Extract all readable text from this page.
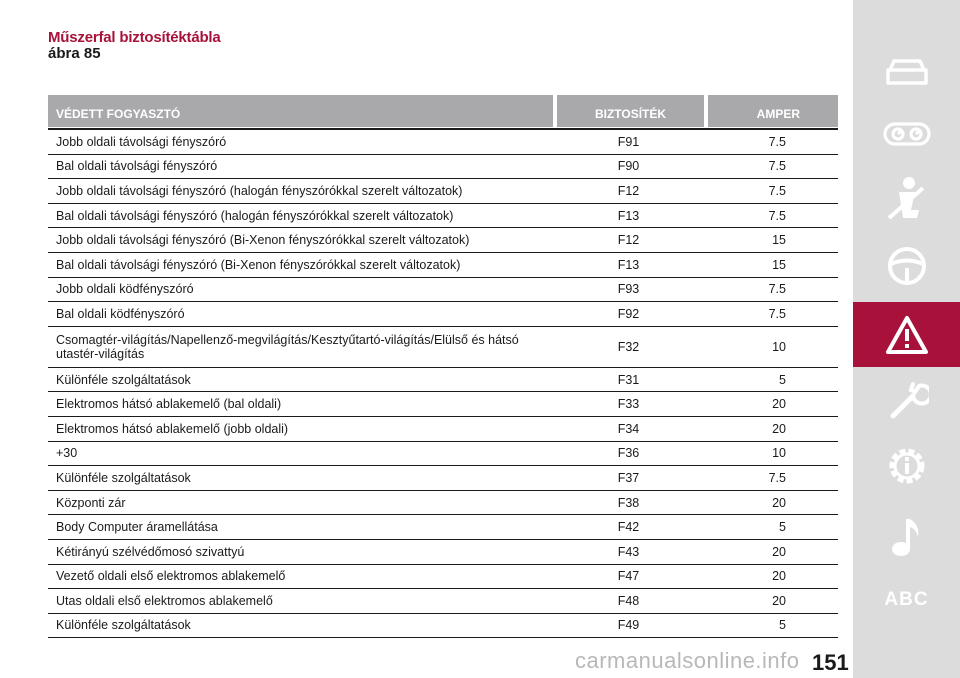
Műszerfal biztosítéktábla
ábra 85
VÉDETT FOGYASZTÓ	BIZTOSÍTÉK	AMPER
Jobb oldali távolsági fényszóró	F91	7.5
Bal oldali távolsági fényszóró	F90	7.5
Jobb oldali távolsági fényszóró (halogán fényszórókkal szerelt változatok)	F12	7.5
Bal oldali távolsági fényszóró (halogán fényszórókkal szerelt változatok)	F13	7.5
Jobb oldali távolsági fényszóró (Bi-Xenon fényszórókkal szerelt változatok)	F12	15
Bal oldali távolsági fényszóró (Bi-Xenon fényszórókkal szerelt változatok)	F13	15
Jobb oldali ködfényszóró	F93	7.5
Bal oldali ködfényszóró	F92	7.5
Csomagtér-világítás/Napellenző-megvilágítás/Kesztyűtartó-világítás/Elülső és hátsó utastér-világítás	F32	10
Különféle szolgáltatások	F31	5
Elektromos hátsó ablakemelő (bal oldali)	F33	20
Elektromos hátsó ablakemelő (jobb oldali)	F34	20
+30	F36	10
Különféle szolgáltatások	F37	7.5
Központi zár	F38	20
Body Computer áramellátása	F42	5
Kétirányú szélvédőmosó szivattyú	F43	20
Vezető oldali első elektromos ablakemelő	F47	20
Utas oldali első elektromos ablakemelő	F48	20
Különféle szolgáltatások	F49	5
ABC
carmanualsonline.info 151
